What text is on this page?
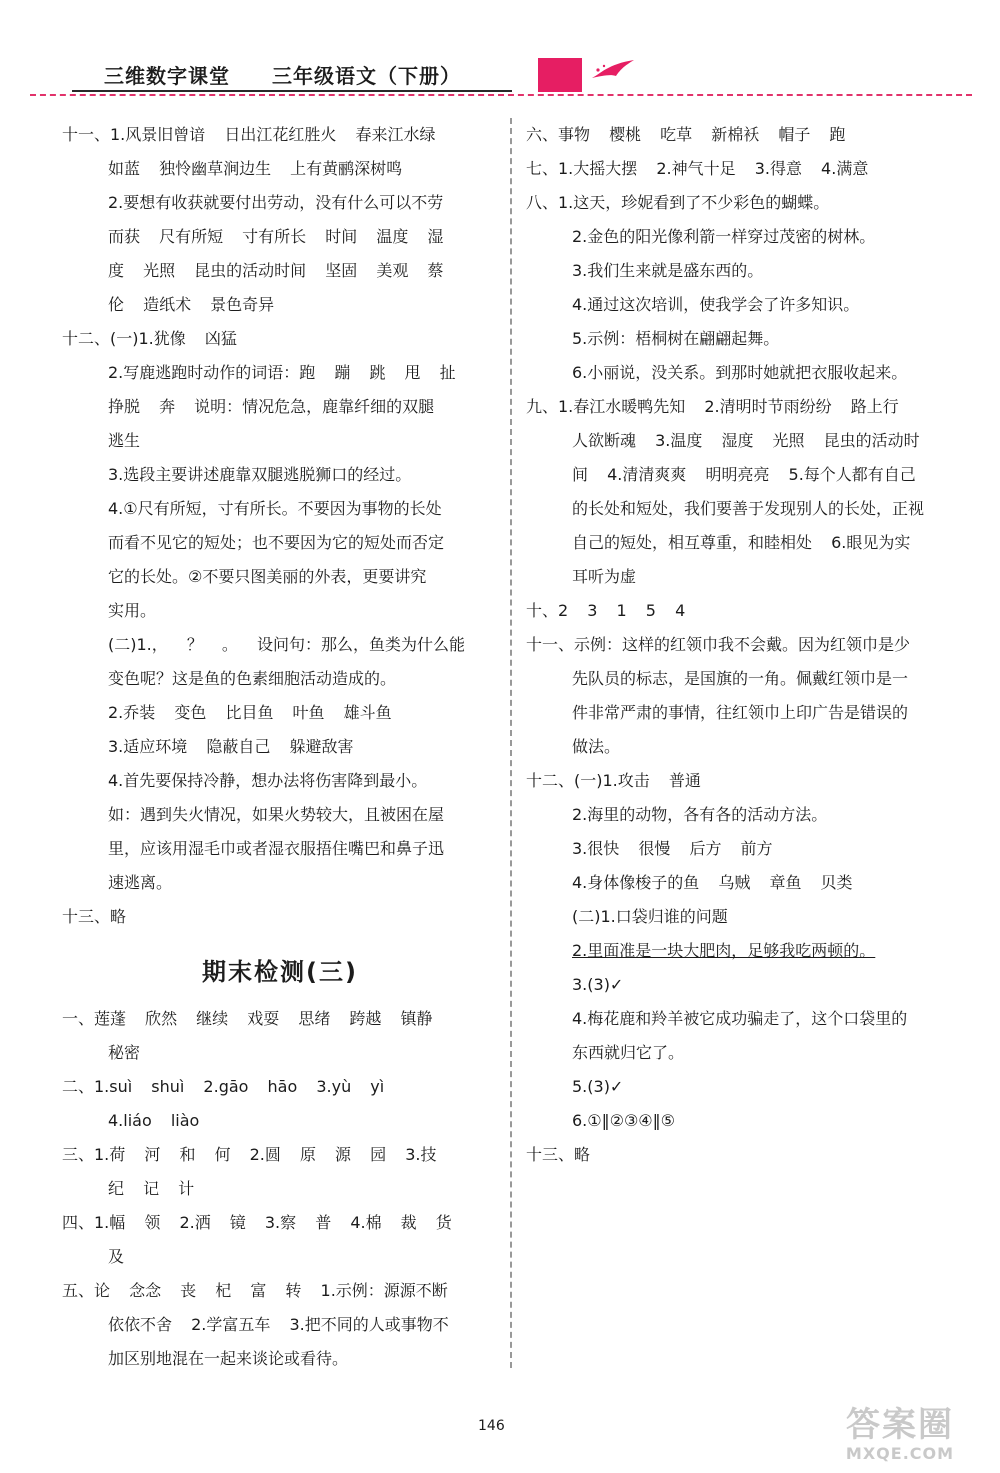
三维数字课堂 三年级语文（下册）
十一、1.风景旧曾谙 日出江花红胜火 春来江水绿
如蓝 独怜幽草涧边生 上有黄鹂深树鸣
2.要想有收获就要付出劳动，没有什么可以不劳
而获 尺有所短 寸有所长 时间 温度 湿
度 光照 昆虫的活动时间 坚固 美观 蔡
伦 造纸术 景色奇异
十二、(一)1.犹像 凶猛
2.写鹿逃跑时动作的词语：跑 蹦 跳 甩 扯
挣脱 奔 说明：情况危急，鹿靠纤细的双腿
逃生
3.选段主要讲述鹿靠双腿逃脱狮口的经过。
4.①尺有所短，寸有所长。不要因为事物的长处
而看不见它的短处；也不要因为它的短处而否定
它的长处。②不要只图美丽的外表，更要讲究
实用。
(二)1.， ？ 。 设问句：那么，鱼类为什么能
变色呢？这是鱼的色素细胞活动造成的。
2.乔装 变色 比目鱼 叶鱼 雄斗鱼
3.适应环境 隐蔽自己 躲避敌害
4.首先要保持冷静，想办法将伤害降到最小。
如：遇到失火情况，如果火势较大，且被困在屋
里，应该用湿毛巾或者湿衣服捂住嘴巴和鼻子迅
速逃离。
十三、略
期末检测(三)
一、莲蓬 欣然 继续 戏耍 思绪 跨越 镇静
秘密
二、1.suì shuì 2.gāo hāo 3.yù yì
4.liáo liào
三、1.荷 河 和 何 2.圆 原 源 园 3.技
纪 记 计
四、1.幅 领 2.洒 镜 3.察 普 4.棉 裁 货
及
五、论 念念 丧 杞 富 转 1.示例：源源不断
依依不舍 2.学富五车 3.把不同的人或事物不
加区别地混在一起来谈论或看待。
六、事物 樱桃 吃草 新棉袄 帽子 跑
七、1.大摇大摆 2.神气十足 3.得意 4.满意
八、1.这天，珍妮看到了不少彩色的蝴蝶。
2.金色的阳光像利箭一样穿过茂密的树林。
3.我们生来就是盛东西的。
4.通过这次培训，使我学会了许多知识。
5.示例：梧桐树在翩翩起舞。
6.小丽说，没关系。到那时她就把衣服收起来。
九、1.春江水暖鸭先知 2.清明时节雨纷纷 路上行
人欲断魂 3.温度 湿度 光照 昆虫的活动时
间 4.清清爽爽 明明亮亮 5.每个人都有自己
的长处和短处，我们要善于发现别人的长处，正视
自己的短处，相互尊重，和睦相处 6.眼见为实
耳听为虚
十、2 3 1 5 4
十一、示例：这样的红领巾我不会戴。因为红领巾是少
先队员的标志，是国旗的一角。佩戴红领巾是一
件非常严肃的事情，往红领巾上印广告是错误的
做法。
十二、(一)1.攻击 普通
2.海里的动物，各有各的活动方法。
3.很快 很慢 后方 前方
4.身体像梭子的鱼 乌贼 章鱼 贝类
(二)1.口袋归谁的问题
2.里面准是一块大肥肉，足够我吃两顿的。
3.(3)✓
4.梅花鹿和羚羊被它成功骗走了，这个口袋里的
东西就归它了。
5.(3)✓
6.①‖②③④‖⑤
十三、略
146	答案圈
MXQE.COM
